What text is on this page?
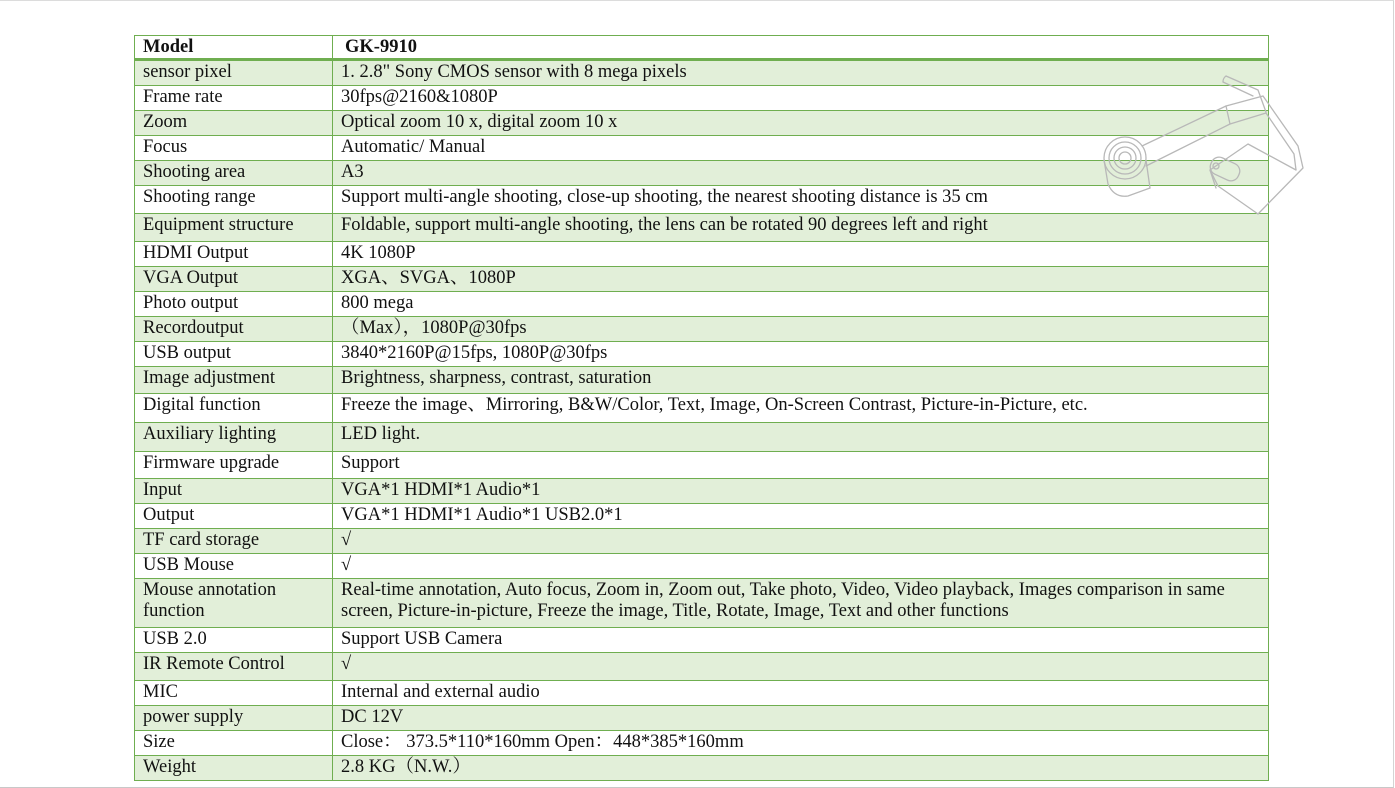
Model	GK-9910
sensor pixel	1. 2.8" Sony CMOS sensor with 8 mega pixels
Frame rate	30fps@2160&1080P
Zoom	Optical zoom 10 x, digital zoom 10 x
Focus	Automatic/ Manual
Shooting area	A3
Shooting range	Support multi-angle shooting, close-up shooting, the nearest shooting distance is 35 cm
Equipment structure	Foldable, support multi-angle shooting, the lens can be rotated 90 degrees left and right
HDMI Output	4K 1080P
VGA Output	XGA、SVGA、1080P
Photo output	800 mega
Recordoutput	（Max），1080P@30fps
USB output	3840*2160P@15fps, 1080P@30fps
Image adjustment	Brightness, sharpness, contrast, saturation
Digital function	Freeze the image、Mirroring, B&W/Color, Text, Image, On-Screen Contrast, Picture-in-Picture, etc.
Auxiliary lighting	LED light.
Firmware upgrade	Support
Input	VGA*1 HDMI*1 Audio*1
Output	VGA*1 HDMI*1 Audio*1 USB2.0*1
TF card storage	√
USB Mouse	√
Mouse annotation function	Real-time annotation, Auto focus, Zoom in, Zoom out, Take photo, Video, Video playback, Images comparison in same screen, Picture-in-picture, Freeze the image, Title, Rotate, Image, Text and other functions
USB 2.0	Support USB Camera
IR Remote Control	√
MIC	Internal and external audio
power supply	DC 12V
Size	Close： 373.5*110*160mm Open：448*385*160mm
Weight	2.8 KG（N.W.）
